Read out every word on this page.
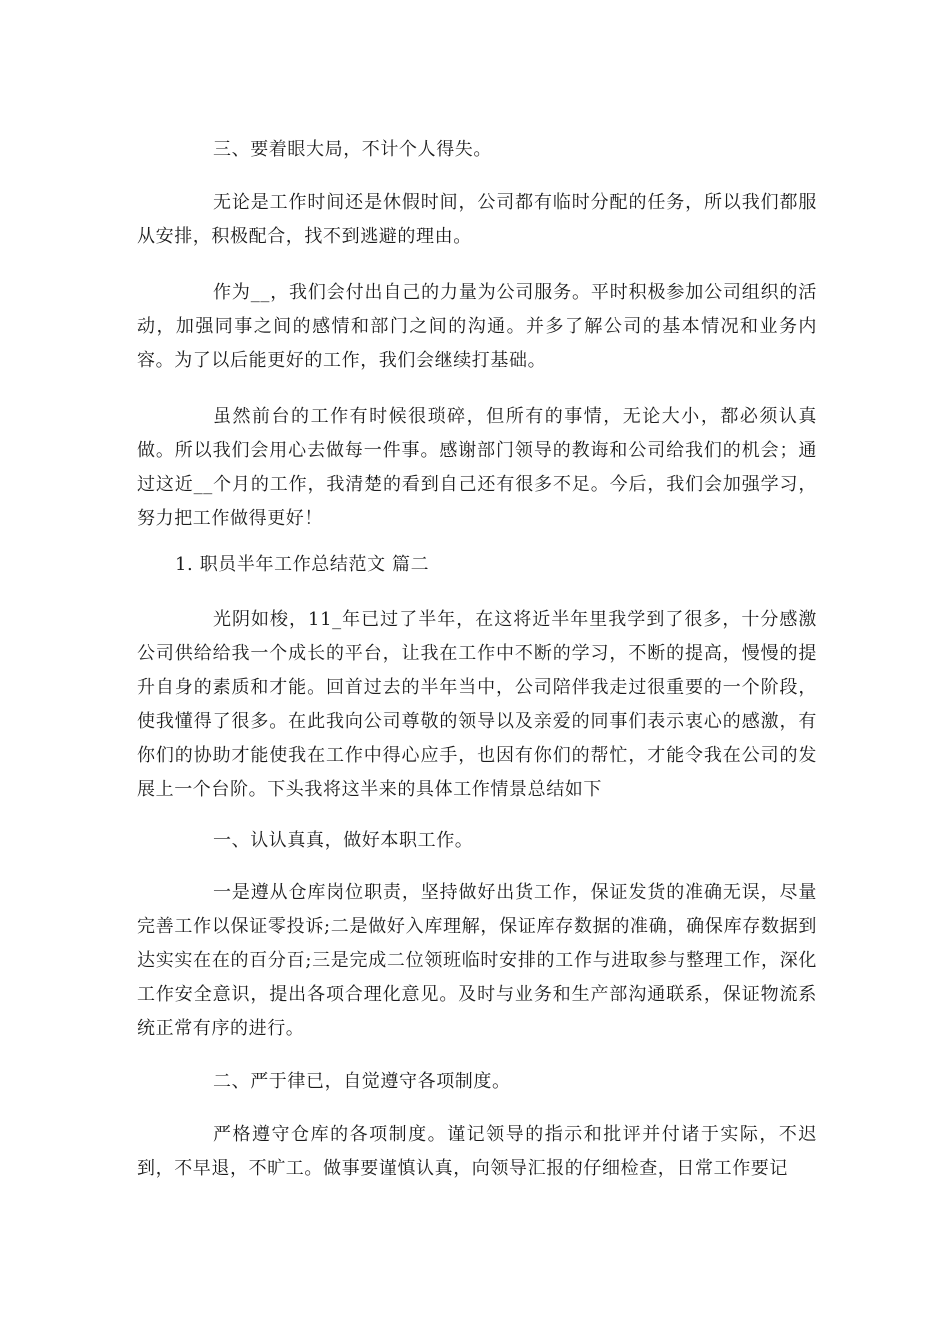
三、要着眼大局，不计个人得失。

无论是工作时间还是休假时间，公司都有临时分配的任务，所以我们都服从安排，积极配合，找不到逃避的理由。

作为__，我们会付出自己的力量为公司服务。平时积极参加公司组织的活动，加强同事之间的感情和部门之间的沟通。并多了解公司的基本情况和业务内容。为了以后能更好的工作，我们会继续打基础。

虽然前台的工作有时候很琐碎，但所有的事情，无论大小，都必须认真做。所以我们会用心去做每一件事。感谢部门领导的教诲和公司给我们的机会；通过这近__个月的工作，我清楚的看到自己还有很多不足。今后，我们会加强学习，努力把工作做得更好！

1. 职员半年工作总结范文 篇二

光阴如梭，11_年已过了半年，在这将近半年里我学到了很多，十分感激公司供给给我一个成长的平台，让我在工作中不断的学习，不断的提高，慢慢的提升自身的素质和才能。回首过去的半年当中，公司陪伴我走过很重要的一个阶段，使我懂得了很多。在此我向公司尊敬的领导以及亲爱的同事们表示衷心的感激，有你们的协助才能使我在工作中得心应手，也因有你们的帮忙，才能令我在公司的发展上一个台阶。下头我将这半来的具体工作情景总结如下

一、认认真真，做好本职工作。

一是遵从仓库岗位职责，坚持做好出货工作，保证发货的准确无误，尽量完善工作以保证零投诉;二是做好入库理解，保证库存数据的准确，确保库存数据到达实实在在的百分百;三是完成二位领班临时安排的工作与进取参与整理工作，深化工作安全意识，提出各项合理化意见。及时与业务和生产部沟通联系，保证物流系统正常有序的进行。

二、严于律已，自觉遵守各项制度。

严格遵守仓库的各项制度。谨记领导的指示和批评并付诸于实际，不迟到，不早退，不旷工。做事要谨慎认真，向领导汇报的仔细检查，日常工作要记
